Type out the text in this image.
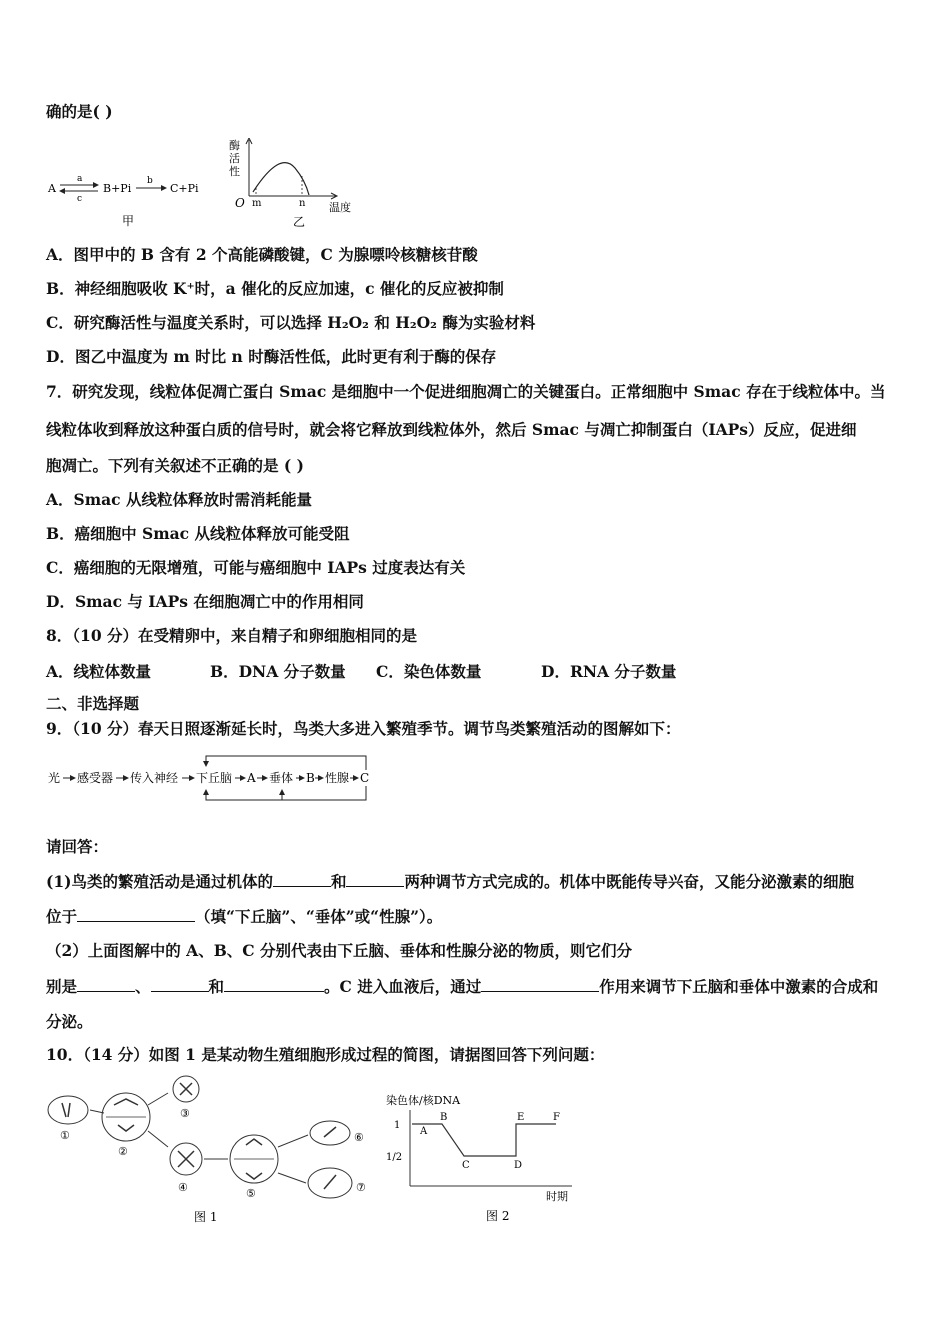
确的是( )
A
a
c
B+Pi
b
C+Pi
甲
酶
活
性
O m	n 温度
乙
A．图甲中的 B 含有 2 个高能磷酸键，C 为腺嘌呤核糖核苷酸
B．神经细胞吸收 K⁺时，a 催化的反应加速，c 催化的反应被抑制
C．研究酶活性与温度关系时，可以选择 H₂O₂ 和 H₂O₂ 酶为实验材料
D．图乙中温度为 m 时比 n 时酶活性低，此时更有利于酶的保存
7．研究发现，线粒体促凋亡蛋白 Smac 是细胞中一个促进细胞凋亡的关键蛋白。正常细胞中 Smac 存在于线粒体中。当
线粒体收到释放这种蛋白质的信号时，就会将它释放到线粒体外，然后 Smac 与凋亡抑制蛋白（IAPs）反应，促进细
胞凋亡。下列有关叙述不正确的是 ( )
A．Smac 从线粒体释放时需消耗能量
B．癌细胞中 Smac 从线粒体释放可能受阻
C．癌细胞的无限增殖，可能与癌细胞中 IAPs 过度表达有关
D．Smac 与 IAPs 在细胞凋亡中的作用相同
8．（10 分）在受精卵中，来自精子和卵细胞相同的是
A．线粒体数量	B．DNA 分子数量 C．染色体数量	D．RNA 分子数量
二、非选择题
9．（10 分）春天日照逐渐延长时，鸟类大多进入繁殖季节。调节鸟类繁殖活动的图解如下：
光 感受器 传入神经 下丘脑 A 垂体 B 性腺 C
请回答：
(1)鸟类的繁殖活动是通过机体的	和	两种调节方式完成的。机体中既能传导兴奋，又能分泌激素的细胞
位于	（填“下丘脑”、“垂体”或“性腺”）。
（2）上面图解中的 A、B、C 分别代表由下丘脑、垂体和性腺分泌的物质，则它们分
别是	、	和	。C 进入血液后，通过	作用来调节下丘脑和垂体中激素的合成和
分泌。
10．（14 分）如图 1 是某动物生殖细胞形成过程的简图，请据图回答下列问题：
①
②
③
④	⑤
⑥
⑦
图 1
染色体/核DNA
1
1/2
A
B
C	D
E	F
时期
图 2
